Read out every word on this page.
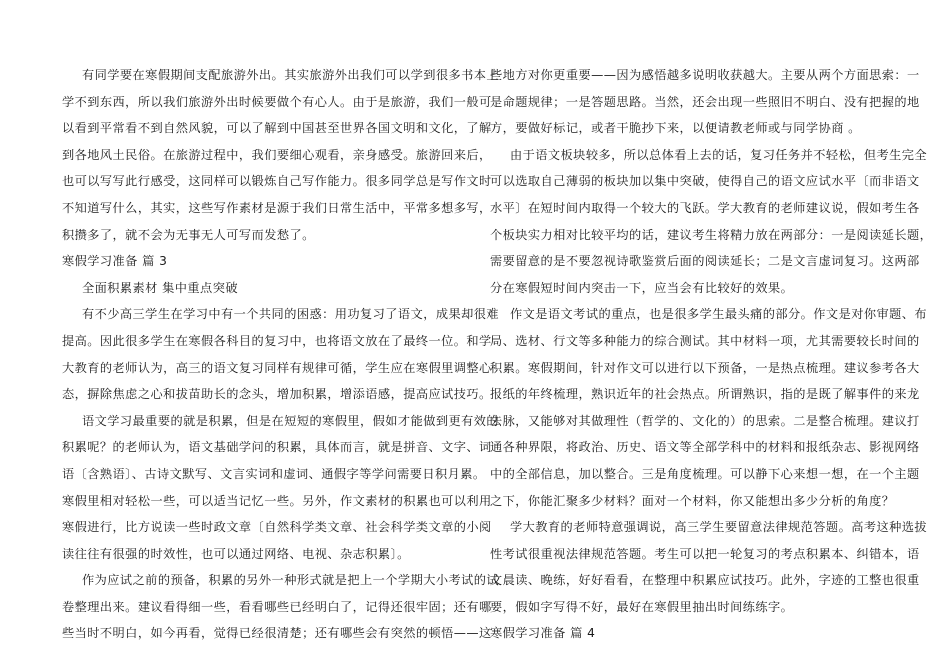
有同学要在寒假期间支配旅游外出。其实旅游外出我们可以学到很多书本上
学不到东西，所以我们旅游外出时候要做个有心人。由于是旅游，我们一般可
以看到平常看不到自然风貌，可以了解到中国甚至世界各国文明和文化，了解
到各地风土民俗。在旅游过程中，我们要细心观看，亲身感受。旅游回来后，
也可以写写此行感受，这同样可以锻炼自己写作能力。很多同学总是写作文时
不知道写什么，其实，这些写作素材是源于我们日常生活中，平常多想多写，
积攒多了，就不会为无事无人可写而发愁了。
寒假学习准备 篇 3
全面积累素材 集中重点突破
有不少高三学生在学习中有一个共同的困惑：用功复习了语文，成果却很难
提高。因此很多学生在寒假各科目的复习中，也将语文放在了最终一位。和学
大教育的老师认为，高三的语文复习同样有规律可循，学生应在寒假里调整心
态，摒除焦虑之心和拔苗助长的念头，增加积累，增添语感，提高应试技巧。
语文学习最重要的就是积累，但是在短短的寒假里，假如才能做到更有效的
积累呢？的老师认为，语文基础学问的积累，具体而言，就是拼音、文字、词
语〔含熟语〕、古诗文默写、文言实词和虚词、通假字等学问需要日积月累。
寒假里相对轻松一些，可以适当记忆一些。另外，作文素材的积累也可以利用
寒假进行，比方说读一些时政文章〔自然科学类文章、社会科学类文章的小阅
读往往有很强的时效性，也可以通过网络、电视、杂志积累〕。
作为应试之前的预备，积累的另外一种形式就是把上一个学期大小考试的试
卷整理出来。建议看得细一些，看看哪些已经明白了，记得还很牢固；还有哪
些当时不明白，如今再看，觉得已经很清楚；还有哪些会有突然的顿悟——这
些地方对你更重要——因为感悟越多说明收获越大。主要从两个方面思索：一
是命题规律；一是答题思路。当然，还会出现一些照旧不明白、没有把握的地
方，要做好标记，或者干脆抄下来，以便请教老师或与同学协商 。
由于语文板块较多，所以总体看上去的话，复习任务并不轻松，但考生完全
可以选取自己薄弱的板块加以集中突破，使得自己的语文应试水平〔而非语文
水平〕在短时间内取得一个较大的飞跃。学大教育的老师建议说，假如考生各
个板块实力相对比较平均的话，建议考生将精力放在两部分：一是阅读延长题，
需要留意的是不要忽视诗歌鉴赏后面的阅读延长；二是文言虚词复习。这两部
分在寒假短时间内突击一下，应当会有比较好的效果。
作文是语文考试的重点，也是很多学生最头痛的部分。作文是对你审题、布
局、选材、行文等多种能力的综合测试。其中材料一项，尤其需要较长时间的
积累。寒假期间，针对作文可以进行以下预备，一是热点梳理。建议参考各大
报纸的年终梳理，熟识近年的社会热点。所谓熟识，指的是既了解事件的来龙
去脉，又能够对其做理性（哲学的、文化的）的思索。二是整合梳理。建议打
通各种界限，将政治、历史、语文等全部学科中的材料和报纸杂志、影视网络
中的全部信息，加以整合。三是角度梳理。可以静下心来想一想，在一个主题
之下，你能汇聚多少材料？面对一个材料，你又能想出多少分析的角度？
学大教育的老师特意强调说，高三学生要留意法律规范答题。高考这种选拔
性考试很重视法律规范答题。考生可以把一轮复习的考点积累本、纠错本，语
文晨读、晚练，好好看看，在整理中积累应试技巧。此外，字迹的工整也很重
要，假如字写得不好，最好在寒假里抽出时间练练字。
寒假学习准备 篇 4
